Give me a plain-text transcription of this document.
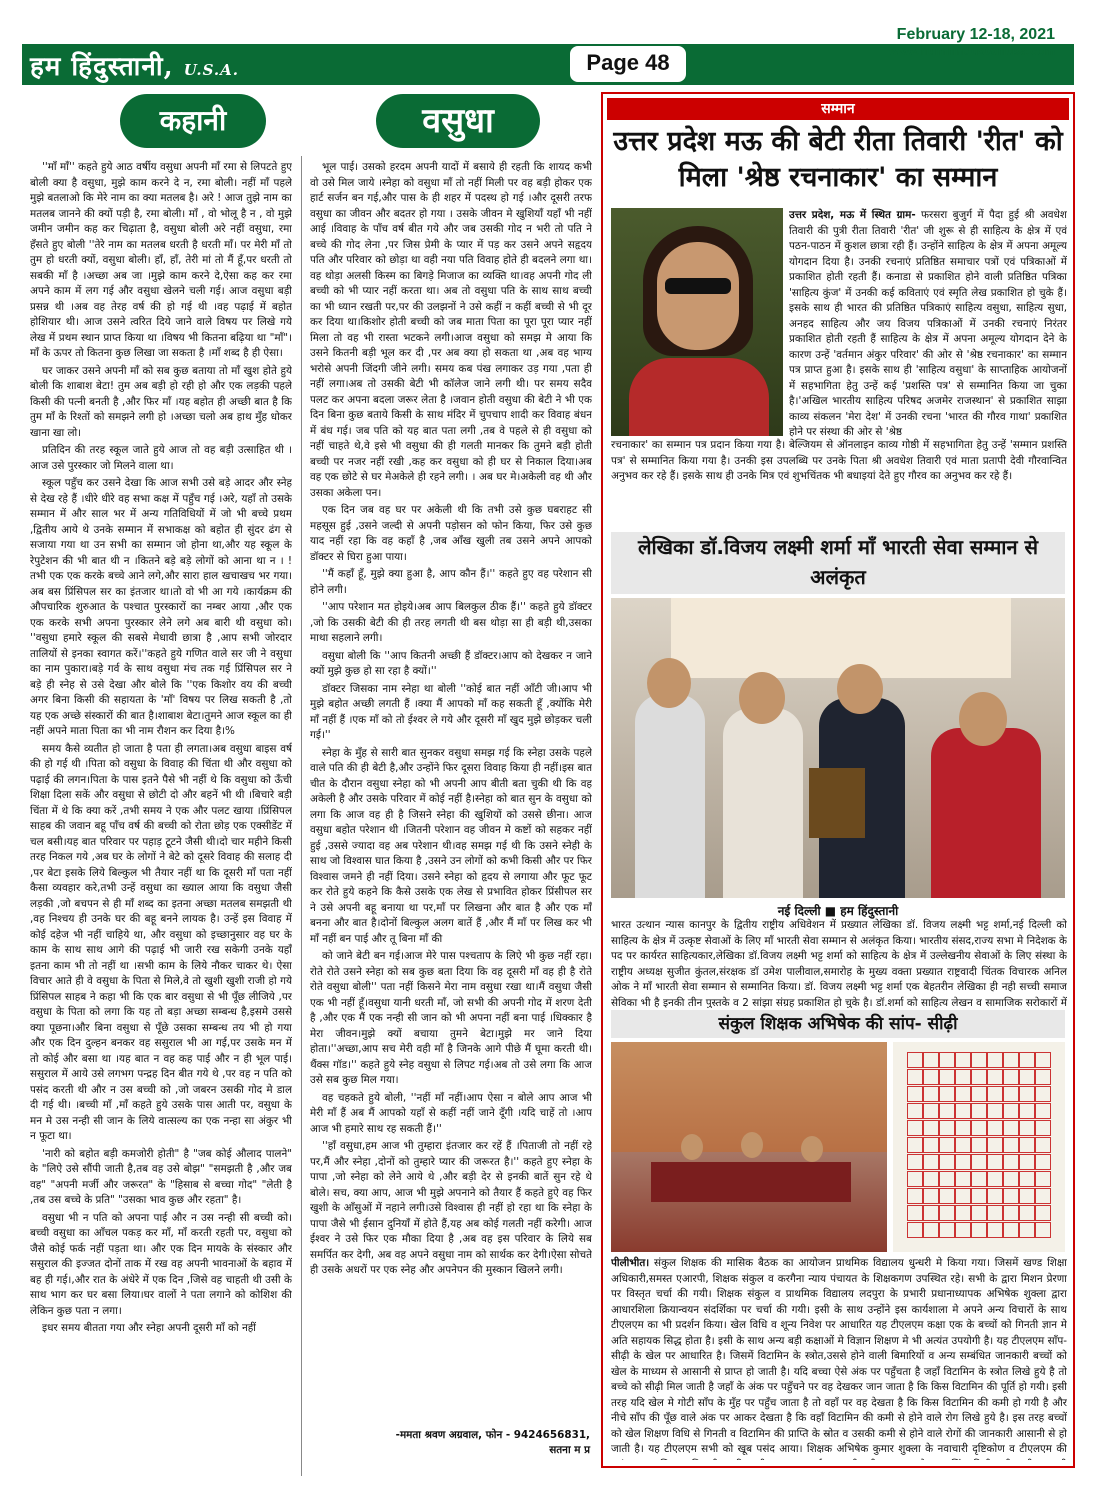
हम हिंदुस्तानी, U.S.A.	Page 48
February 12-18, 2021
www.humhindustaniusa.com
कहानी	वसुधा

''माँ माँ'' कहते हुये आठ वर्षीय वसुधा अपनी माँ रमा से लिपटते हुए बोली क्या है वसुधा, मुझे काम करने दे न, रमा बोली। नहीं माँ पहले मुझे बतलाओ कि मेरे नाम का क्या मतलब है। अरे ! आज तुझे नाम का मतलब जानने की क्यों पड़ी है, रमा बोली। माँ , वो भोलू है न , वो मुझे जमीन जमीन कह कर चिढ़ाता है, वसुधा बोली अरे नहीं वसुधा, रमा हँसते हुए बोली ''तेरे नाम का मतलब धरती है धरती माँ। पर मेरी माँ तो तुम हो धरती क्यों, वसुधा बोली। हाँ, हाँ, तेरी मां तो मैं हूँ,पर धरती तो सबकी माँ है ।अच्छा अब जा ।मुझे काम करने दे,ऐसा कह कर रमा अपने काम में लग गई और वसुधा खेलने चली गई। आज वसुधा बड़ी प्रसन्न थी ।अब वह तेरह वर्ष की हो गई थी ।वह पढ़ाई में बहोत होशियार थी। आज उसने त्वरित दिये जाने वाले विषय पर लिखे गये लेख में प्रथम स्थान प्राप्त किया था ।विषय भी कितना बढ़िया था "माँ"। माँ के ऊपर तो कितना कुछ लिखा जा सकता है ।माँ शब्द है ही ऐसा।

घर जाकर उसने अपनी माँ को सब कुछ बताया तो माँ खुश होते हुये बोली कि शाबाश बेटा! तुम अब बड़ी हो रही हो और एक लड़की पहले किसी की पत्नी बनती है ,और फिर माँ ।यह बहोत ही अच्छी बात है कि तुम माँ के रिश्तों को समझने लगी हो ।अच्छा चलो अब हाथ मुँह धोकर खाना खा लो।

प्रतिदिन की तरह स्कूल जाते हुये आज तो वह बड़ी उत्साहित थी ।आज उसे पुरस्कार जो मिलने वाला था।

स्कूल पहुँच कर उसने देखा कि आज सभी उसे बड़े आदर और स्नेह से देख रहे हैं ।धीरे धीरे वह सभा कक्ष में पहुँच गई ।अरे, यहाँ तो उसके सम्मान में और साल भर में अन्य गतिविधियों में जो भी बच्चे प्रथम ,द्वितीय आये थे उनके सम्मान में सभाकक्ष को बहोत ही सुंदर ढंग से सजाया गया था उन सभी का सम्मान जो होना था,और यह स्कूल के रेपुटेशन की भी बात थी न ।कितने बड़े बड़े लोगों को आना था न । !तभी एक एक करके बच्चे आने लगे,और सारा हाल खचाखच भर गया।अब बस प्रिंसिपल सर का इंतजार था।तो वो भी आ गये ।कार्यक्रम की औपचारिक शुरुआत के पश्चात पुरस्कारों का नम्बर आया ,और एक एक करके सभी अपना पुरस्कार लेने लगे अब बारी थी वसुधा को। ''वसुधा हमारे स्कूल की सबसे मेधावी छात्रा है ,आप सभी जोरदार तालियों से इनका स्वागत करें।''कहते हुये गणित वाले सर जी ने वसुधा का नाम पुकारा।बड़े गर्व के साथ वसुधा मंच तक गई प्रिंसिपल सर ने बड़े ही स्नेह से उसे देखा और बोले कि ''एक किशोर वय की बच्ची अगर बिना किसी की सहायता के 'माँ' विषय पर लिख सकती है ,तो यह एक अच्छे संस्कारों की बात है।शाबाश बेटा।तुमने आज स्कूल का ही नहीं अपने माता पिता का भी नाम रौशन कर दिया है।%

समय कैसे व्यतीत हो जाता है पता ही लगता।अब वसुधा बाइस वर्ष की हो गई थी ।पिता को वसुधा के विवाह की चिंता थी और वसुधा को पढ़ाई की लगन।पिता के पास इतने पैसे भी नहीं थे कि वसुधा को ऊँची शिक्षा दिला सकें और वसुधा से छोटी दो और बहनें भी थी ।बिचारे बड़ी चिंता में थे कि क्या करें ,तभी समय ने एक और पलट खाया ।प्रिंसिपल साहब की जवान बहू पाँच वर्ष की बच्ची को रोता छोड़ एक एक्सीडेंट में चल बसी।यह बात परिवार पर पहाड़ टूटने जैसी थी।दो चार महीने किसी तरह निकल गये ,अब घर के लोगों ने बेटे को दूसरे विवाह की सलाह दी ,पर बेटा इसके लिये बिल्कुल भी तैयार नहीं था कि दूसरी माँ पता नहीं कैसा व्यवहार करे,तभी उन्हें वसुधा का ख्याल आया कि वसुधा जैसी लड़की ,जो बचपन से ही माँ शब्द का इतना अच्छा मतलब समझती थी ,वह निश्चय ही उनके घर की बहू बनने लायक है। उन्हें इस विवाह में कोई दहेज भी नहीं चाहिये था, और वसुधा को इच्छानुसार वह घर के काम के साथ साथ आगे की पढ़ाई भी जारी रख सकेगी उनके यहाँ इतना काम भी तो नहीं था ।सभी काम के लिये नौकर चाकर थे। ऐसा विचार आते ही वे वसुधा के पिता से मिले,वे तो खुशी खुशी राजी हो गये प्रिंसिपल साहब ने कहा भी कि एक बार वसुधा से भी पूँछ लीजिये ,पर वसुधा के पिता को लगा कि यह तो बड़ा अच्छा सम्बन्ध है,इसमे उससे क्या पूछना।और बिना वसुधा से पूँछे उसका सम्बन्ध तय भी हो गया और एक दिन दुल्हन बनकर वह ससुराल भी आ गई,पर उसके मन में तो कोई और बसा था ।यह बात न वह कह पाई और न ही भूल पाई। ससुराल में आये उसे लगभग पन्द्रह दिन बीत गये थे ,पर वह न पति को पसंद करती थी और न उस बच्ची को ,जो जबरन उसकी गोद मे डाल दी गई थी। ।बच्ची माँ ,माँ कहते हुये उसके पास आती पर, वसुधा के मन मे उस नन्ही सी जान के लिये वात्सल्य का एक नन्हा सा अंकुर भी न फूटा था।

'नारी को बहोत बड़ी कमजोरी होती" है "जब कोई औलाद पालने" के "लिऐ उसे सौंपी जाती है,तब वह उसे बोझ" "समझती है ,और जब वह" "अपनी मर्जी और जरूरत" के "हिसाब से बच्चा गोद" "लेती है ,तब उस बच्चे के प्रति" "उसका भाव कुछ और रहता" है।

वसुधा भी न पति को अपना पाई और न उस नन्ही सी बच्ची को। बच्ची वसुधा का आँचल पकड़ कर माँ, माँ करती रहती पर, वसुधा को जैसे कोई फर्क नहीं पड़ता था। और एक दिन मायके के संस्कार और ससुराल की इज्जत दोनों ताक में रख वह अपनी भावनाओं के बहाव में बह ही गई।,और रात के अंधेरे में एक दिन ,जिसे वह चाहती थी उसी के साथ भाग कर घर बसा लिया।घर वालों ने पता लगाने को कोशिश की लेकिन कुछ पता न लगा।

इधर समय बीतता गया और स्नेहा अपनी दूसरी माँ को नहीं

भूल पाई। उसको हरदम अपनी यादों में बसाये ही रहती कि शायद कभी वो उसे मिल जाये ।स्नेहा को वसुधा माँ तो नहीं मिली पर वह बड़ी होकर एक हार्ट सर्जन बन गई,और पास के ही शहर में पदस्थ हो गई ।और दूसरी तरफ वसुधा का जीवन और बदतर हो गया । उसके जीवन मे खुशियाँ यहाँ भी नहीं आई ।विवाह के पाँच वर्ष बीत गये और जब उसकी गोद न भरी तो पति ने बच्चे की गोद लेना ,पर जिस प्रेमी के प्यार में पड़ कर उसने अपने सहृदय पति और परिवार को छोड़ा था वही नया पति विवाह होते ही बदलने लगा था। वह थोड़ा अलसी किस्म का बिगड़े मिजाज का व्यक्ति था।वह अपनी गोद ली बच्ची को भी प्यार नहीं करता था। अब तो वसुधा पति के साथ साथ बच्ची का भी ध्यान रखती पर,पर की उलझनों ने उसे कहीं न कहीं बच्ची से भी दूर कर दिया था।किशोर होती बच्ची को जब माता पिता का पूरा पूरा प्यार नहीं मिला तो वह भी रास्ता भटकने लगी।आज वसुधा को समझ मे आया कि उसने कितनी बड़ी भूल कर दी ,पर अब क्या हो सकता था ,अब वह भाग्य भरोसे अपनी जिंदगी जीने लगी। समय कब पंख लगाकर उड़ गया ,पता ही नहीं लगा।अब तो उसकी बेटी भी कॉलेज जाने लगी थी। पर समय सदैव पलट कर अपना बदला जरूर लेता है ।जवान होती वसुधा की बेटी ने भी एक दिन बिना कुछ बताये किसी के साथ मंदिर में चुपचाप शादी कर विवाह बंधन में बंध गई। जब पति को यह बात पता लगी ,तब वे पहले से ही वसुधा को नहीं चाहते थे,वे इसे भी वसुधा की ही गलती मानकर कि तुमने बड़ी होती बच्ची पर नजर नहीं रखी ,कह कर वसुधा को ही घर से निकाल दिया।अब वह एक छोटे से घर मेअकेले ही रहने लगी। । अब घर मे।अकेली वह थी और उसका अकेला पन।

एक दिन जब वह घर पर अकेली थी कि तभी उसे कुछ घबराहट सी महसूस हुई ,उसने जल्दी से अपनी पड़ोसन को फोन किया, फिर उसे कुछ याद नहीं रहा कि वह कहाँ है ,जब आँख खुली तब उसने अपने आपको डॉक्टर से घिरा हुआ पाया।

''मैं कहाँ हूँ, मुझे क्या हुआ है, आप कौन हैं।'' कहते हुए वह परेशान सी होने लगी।

''आप परेशान मत होइये।अब आप बिलकुल ठीक हैं।'' कहते हुये डॉक्टर ,जो कि उसकी बेटी की ही तरह लगती थी बस थोड़ा सा ही बड़ी थी,उसका माथा सहलाने लगी।

वसुधा बोली कि ''आप कितनी अच्छी हैं डॉक्टर।आप को देखकर न जाने क्यों मुझे कुछ हो सा रहा है क्यों।''

डॉक्टर जिसका नाम स्नेहा था बोली ''कोई बात नहीं आँटी जी।आप भी मुझे बहोत अच्छी लगती हैं ।क्या मैं आपको माँ कह सकती हूँ ,क्योंकि मेरी माँ नहीं हैं ।एक माँ को तो ईश्वर ले गये और दूसरी माँ खुद मुझे छोड़कर चली गई।''

स्नेहा के मुँह से सारी बात सुनकर वसुधा समझ गई कि स्नेहा उसके पहले वाले पति की ही बेटी है,और उन्होंने फिर दूसरा विवाह किया ही नहीं।इस बात चीत के दौरान वसुधा स्नेहा को भी अपनी आप बीती बता चुकी थी कि वह अकेली है और उसके परिवार में कोई नहीं है।स्नेहा को बात सुन के वसुधा को लगा कि आज वह ही है जिसने स्नेहा की खुशियों को उससे छीना। आज वसुधा बहोत परेशान थी ।जितनी परेशान वह जीवन मे कष्टों को सहकर नहीं हुई ,उससे ज्यादा वह अब परेशान थी।वह समझ गई थी कि उसने स्नेही के साथ जो विश्वास घात किया है ,उसने उन लोगों को कभी किसी और पर फिर विश्वास जमने ही नहीं दिया। उसने स्नेहा को हृदय से लगाया और फूट फूट कर रोते हुये कहने कि कैसे उसके एक लेख से प्रभावित होकर प्रिंसीपल सर ने उसे अपनी बहू बनाया था पर,माँ पर लिखना और बात है और एक माँ बनना और बात है।दोनों बिल्कुल अलग बातें हैं ,और मैं माँ पर लिख कर भी माँ नहीं बन पाई और तू बिना माँ की

को जाने बेटी बन गई।आज मेरे पास पश्चताप के लिऐ भी कुछ नहीं रहा।रोते रोते उसने स्नेहा को सब कुछ बता दिया कि वह दूसरी माँ वह ही है रोते रोते वसुधा बोली'' पता नहीं किसने मेरा नाम वसुधा रखा था।मैं वसुधा जैसी एक भी नहीं हूँ।वसुधा यानी धरती माँ, जो सभी की अपनी गोद में शरण देती है ,और एक मैं एक नन्ही सी जान को भी अपना नहीं बना पाई ।धिक्कार है मेरा जीवन।मुझे क्यों बचाया तुमने बेटा।मुझे मर जाने दिया होता।''अच्छा,आप सच मेरी वही माँ है जिनके आगे पीछे मैं घूमा करती थी।थैंक्स गॉड।'' कहते हुये स्नेह वसुधा से लिपट गई।अब तो उसे लगा कि आज उसे सब कुछ मिल गया।

वह चहकते हुये बोली, ''नहीं माँ नहीं।आप ऐसा न बोले आप आज भी मेरी माँ हैं अब मैं आपको यहाँ से कहीं नहीं जाने दूँगी ।यदि चाहें तो ।आप आज भी हमारे साथ रह सकती हैं।''

''हाँ वसुधा,हम आज भी तुम्हारा इंतजार कर रहें हैं ।पिताजी तो नहीं रहे पर,मैं और स्नेहा ,दोनों को तुम्हारे प्यार की जरूरत है।'' कहते हुए स्नेहा के पापा ,जो स्नेहा को लेने आये थे ,और बड़ी देर से इनकी बातें सुन रहे थे बोले। सच, क्या आप, आज भी मुझे अपनाने को तैयार हैं कहते हुऐ वह फिर खुशी के आँसुओं में नहाने लगी।उसे विश्वास ही नहीं हो रहा था कि स्नेहा के पापा जैसे भी ईसान दुनियाँ में होते हैं,यह अब कोई गलती नहीं करेगी। आज ईश्वर ने उसे फिर एक मौका दिया है ,अब वह इस परिवार के लिये सब समर्पित कर देगी, अब वह अपने वसुधा नाम को सार्थक कर देगी।ऐसा सोचते ही उसके अधरों पर एक स्नेह और अपनेपन की मुस्कान खिलने लगी।

-ममता श्रवण अग्रवाल, फोन - 9424656831,
सतना म प्र
सम्मान
उत्तर प्रदेश मऊ की बेटी रीता तिवारी 'रीत' को मिला 'श्रेष्ठ रचनाकार' का सम्मान
उत्तर प्रदेश, मऊ में स्थित ग्राम- फरसरा बुजुर्ग में पैदा हुई श्री अवधेश तिवारी की पुत्री रीता तिवारी 'रीत' जी शुरू से ही साहित्य के क्षेत्र में एवं पठन-पाठन में कुशल छात्रा रही हैं। उन्होंने साहित्य के क्षेत्र में अपना अमूल्य योगदान दिया है। उनकी रचनाएं प्रतिष्ठित समाचार पत्रों एवं पत्रिकाओं में प्रकाशित होती रहती हैं। कनाडा से प्रकाशित होने वाली प्रतिष्ठित पत्रिका 'साहित्य कुंज' में उनकी कई कविताएं एवं स्मृति लेख प्रकाशित हो चुके हैं। इसके साथ ही भारत की प्रतिष्ठित पत्रिकाएं साहित्य वसुधा, साहित्य सुधा, अनहद साहित्य और जय विजय पत्रिकाओं में उनकी रचनाएं निरंतर प्रकाशित होती रहती हैं साहित्य के क्षेत्र में अपना अमूल्य योगदान देने के कारण उन्हें 'वर्तमान अंकुर परिवार' की ओर से 'श्रेष्ठ रचनाकार' का सम्मान पत्र प्राप्त हुआ है। इसके साथ ही 'साहित्य वसुधा' के साप्ताहिक आयोजनों में सहभागिता हेतु उन्हें कई 'प्रशस्ति पत्र' से सम्मानित किया जा चुका है।'अखिल भारतीय साहित्य परिषद अजमेर राजस्थान' से प्रकाशित साझा काव्य संकलन 'मेरा देश' में उनकी रचना 'भारत की गौरव गाथा' प्रकाशित होने पर संस्था की ओर से 'श्रेष्ठ
रचनाकार' का सम्मान पत्र प्रदान किया गया है। बेल्जियम से ऑनलाइन काव्य गोष्ठी में सहभागिता हेतु उन्हें 'सम्मान प्रशस्ति पत्र' से सम्मानित किया गया है। उनकी इस उपलब्धि पर उनके पिता श्री अवधेश तिवारी एवं माता प्रतापी देवी गौरवान्वित अनुभव कर रहे हैं। इसके साथ ही उनके मित्र एवं शुभचिंतक भी बधाइयां देते हुए गौरव का अनुभव कर रहे हैं।
लेखिका डॉ.विजय लक्ष्मी शर्मा माँ भारती सेवा सम्मान से अलंकृत
नई दिल्ली ■ हम हिंदुस्तानी
भारत उत्थान न्यास कानपुर के द्वितीय राष्ट्रीय अधिवेशन में प्रख्यात लेखिका डॉ. विजय लक्ष्मी भट्ट शर्मा,नई दिल्ली को साहित्य के क्षेत्र में उत्कृष्ट सेवाओं के लिए माँ भारती सेवा सम्मान से अलंकृत किया। भारतीय संसद,राज्य सभा मे निदेशक के पद पर कार्यरत साहित्यकार,लेखिका डॉ.विजय लक्ष्मी भट्ट शर्मा को साहित्य के क्षेत्र में उल्लेखनीय सेवाओं के लिए संस्था के राष्ट्रीय अध्यक्ष सुजीत कुंतल,संरक्षक डॉ उमेश पालीवाल,समारोह के मुख्य वक्ता प्रख्यात राष्ट्रवादी चिंतक विचारक अनिल ओक ने माँ भारती सेवा सम्मान से सम्मानित किया। डॉ. विजय लक्ष्मी भट्ट शर्मा एक बेहतरीन लेखिका ही नही सच्ची समाज सेविका भी है इनकी तीन पुस्तके व 2 सांझा संग्रह प्रकाशित हो चुके है। डॉ.शर्मा को साहित्य लेखन व सामाजिक सरोकारों में
संकुल शिक्षक अभिषेक की सांप- सीढ़ी
पीलीभीत। संकुल शिक्षक की मासिक बैठक का आयोजन प्राथमिक विद्यालय धुन्धरी मे किया गया। जिसमें खण्ड शिक्षा अधिकारी,समस्त एआरपी, शिक्षक संकुल व करगैना न्याय पंचायत के शिक्षकगण उपस्थित रहे। सभी के द्वारा मिशन प्रेरणा पर विस्तृत चर्चा की गयी। शिक्षक संकुल व प्राथमिक विद्यालय लदपुरा के प्रभारी प्रधानाध्यापक अभिषेक शुक्ला द्वारा आधारशिला क्रियान्वयन संदर्शिका पर चर्चा की गयी। इसी के साथ उन्होंने इस कार्यशाला मे अपने अन्य विचारों के साथ टीएलएम का भी प्रदर्शन किया। खेल विधि व शून्य निवेश पर आधारित यह टीएलएम कक्षा एक के बच्चों को गिनती ज्ञान मे अति सहायक सिद्ध होता है। इसी के साथ अन्य बड़ी कक्षाओं मे विज्ञान शिक्षण मे भी अत्यंत उपयोगी है। यह टीएलएम साँप- सीढ़ी के खेल पर आधारित है। जिसमें विटामिन के स्त्रोत,उससे होने वाली बिमारियों व अन्य सम्बंधित जानकारी बच्चों को खेल के माध्यम से आसानी से प्राप्त हो जाती है। यदि बच्चा ऐसे अंक पर पहुँचता है जहाँ विटामिन के स्त्रोत लिखे हुये है तो बच्चे को सीढ़ी मिल जाती है जहाँ के अंक पर पहुँचने पर वह देखकर जान जाता है कि किस विटामिन की पूर्ति हो गयी। इसी तरह यदि खेल मे गोटी साँप के मुँह पर पहुँच जाता है तो वहाँ पर वह देखता है कि किस विटामिन की कमी हो गयी है और नीचे साँप की पूँछ वाले अंक पर आकर देखता है कि वहाँ विटामिन की कमी से होने वाले रोग लिखे हुये है। इस तरह बच्चों को खेल शिक्षण विधि से गिनती व विटामिन की प्राप्ति के स्रोत व उसकी कमी से होने वाले रोगों की जानकारी आसानी से हो जाती है। यह टीएलएम सभी को खूब पसंद आया। शिक्षक अभिषेक कुमार शुक्ला के नवाचारी दृष्टिकोण व टीएलएम की
